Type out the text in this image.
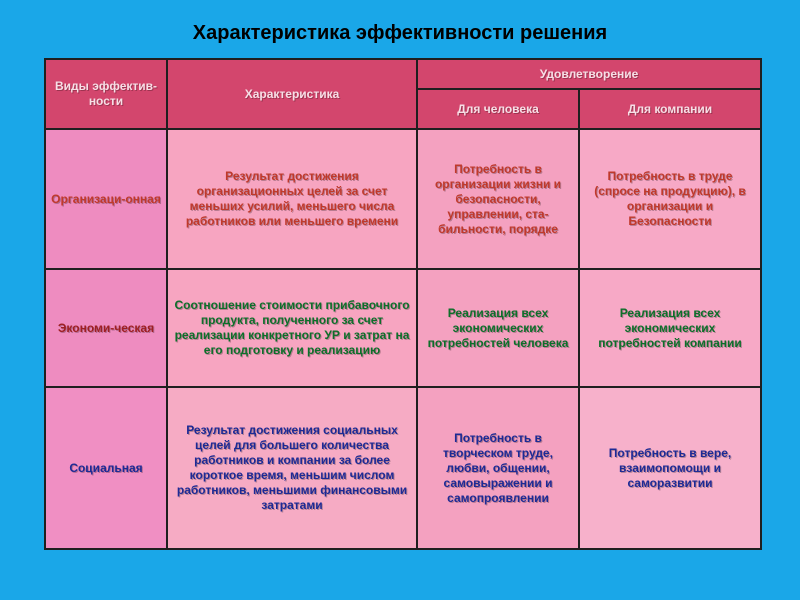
Характеристика эффективности решения
Виды эффектив-ности	Характеристика	Удовлетворение	
		Для человека	Для компании
Организаци-онная	Результат достижения организационных целей за счет меньших усилий, меньшего числа работников или меньшего времени	Потребность в организации жизни и безопасности, управлении, ста-бильности, порядке	Потребность в труде (спросе на продукцию), в организации и Безопасности
Экономи-ческая	Соотношение стоимости прибавочного продукта, полученного за счет реализации конкретного УР и затрат на его подготовку и реализацию	Реализация всех экономических потребностей человека	Реализация всех экономических потребностей компании
Социальная	Результат достижения социальных целей для большего количества работников и компании за более короткое время, меньшим числом работников, меньшими финансовыми затратами	Потребность в творческом труде, любви, общении, самовыражении и самопроявлении	Потребность в вере, взаимопомощи и саморазвитии
